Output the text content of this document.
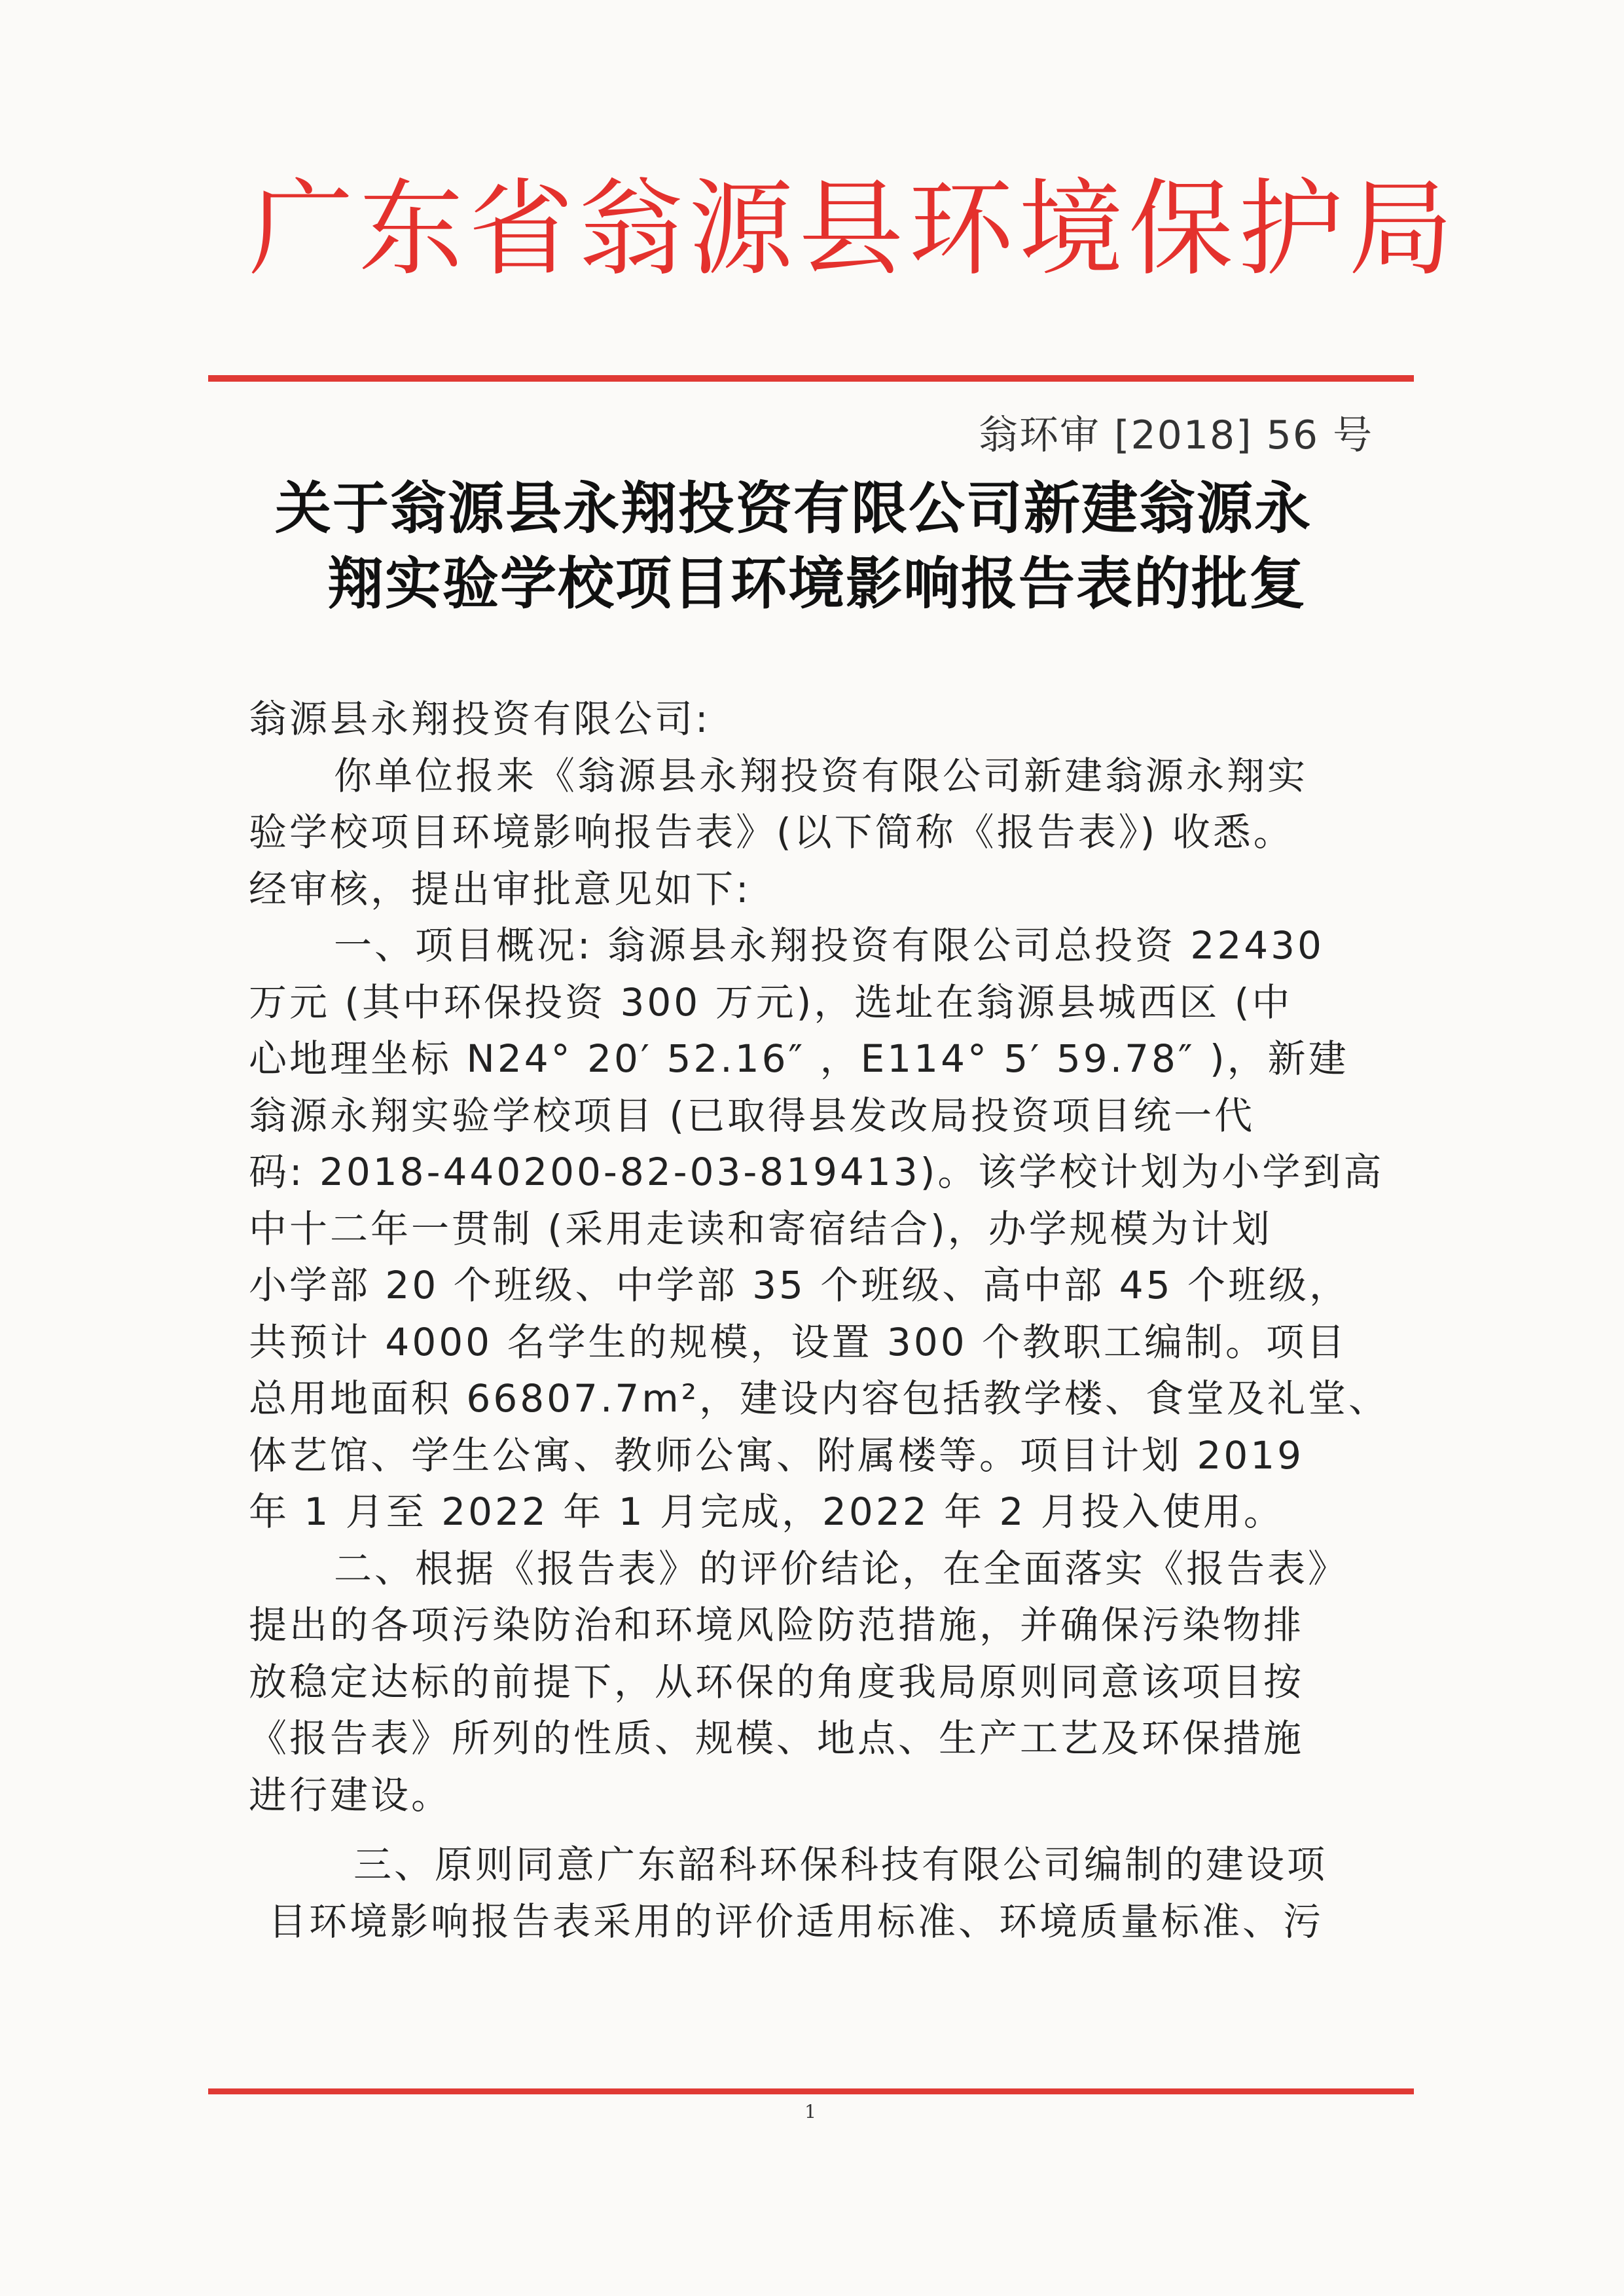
广东省翁源县环境保护局
翁环审 [2018] 56 号
关于翁源县永翔投资有限公司新建翁源永
翔实验学校项目环境影响报告表的批复
翁源县永翔投资有限公司:
你单位报来《翁源县永翔投资有限公司新建翁源永翔实
验学校项目环境影响报告表》(以下简称《报告表》) 收悉。
经审核，提出审批意见如下:
一、项目概况: 翁源县永翔投资有限公司总投资 22430
万元 (其中环保投资 300 万元)，选址在翁源县城西区 (中
心地理坐标 N24° 20′ 52.16″ ，E114° 5′ 59.78″ )，新建
翁源永翔实验学校项目 (已取得县发改局投资项目统一代
码: 2018-440200-82-03-819413)。该学校计划为小学到高
中十二年一贯制 (采用走读和寄宿结合)，办学规模为计划
小学部 20 个班级、中学部 35 个班级、高中部 45 个班级，
共预计 4000 名学生的规模，设置 300 个教职工编制。项目
总用地面积 66807.7m²，建设内容包括教学楼、食堂及礼堂、
体艺馆、学生公寓、教师公寓、附属楼等。项目计划 2019
年 1 月至 2022 年 1 月完成，2022 年 2 月投入使用。
二、根据《报告表》的评价结论，在全面落实《报告表》
提出的各项污染防治和环境风险防范措施，并确保污染物排
放稳定达标的前提下，从环保的角度我局原则同意该项目按
《报告表》所列的性质、规模、地点、生产工艺及环保措施
进行建设。
三、原则同意广东韶科环保科技有限公司编制的建设项
目环境影响报告表采用的评价适用标准、环境质量标准、污
1
